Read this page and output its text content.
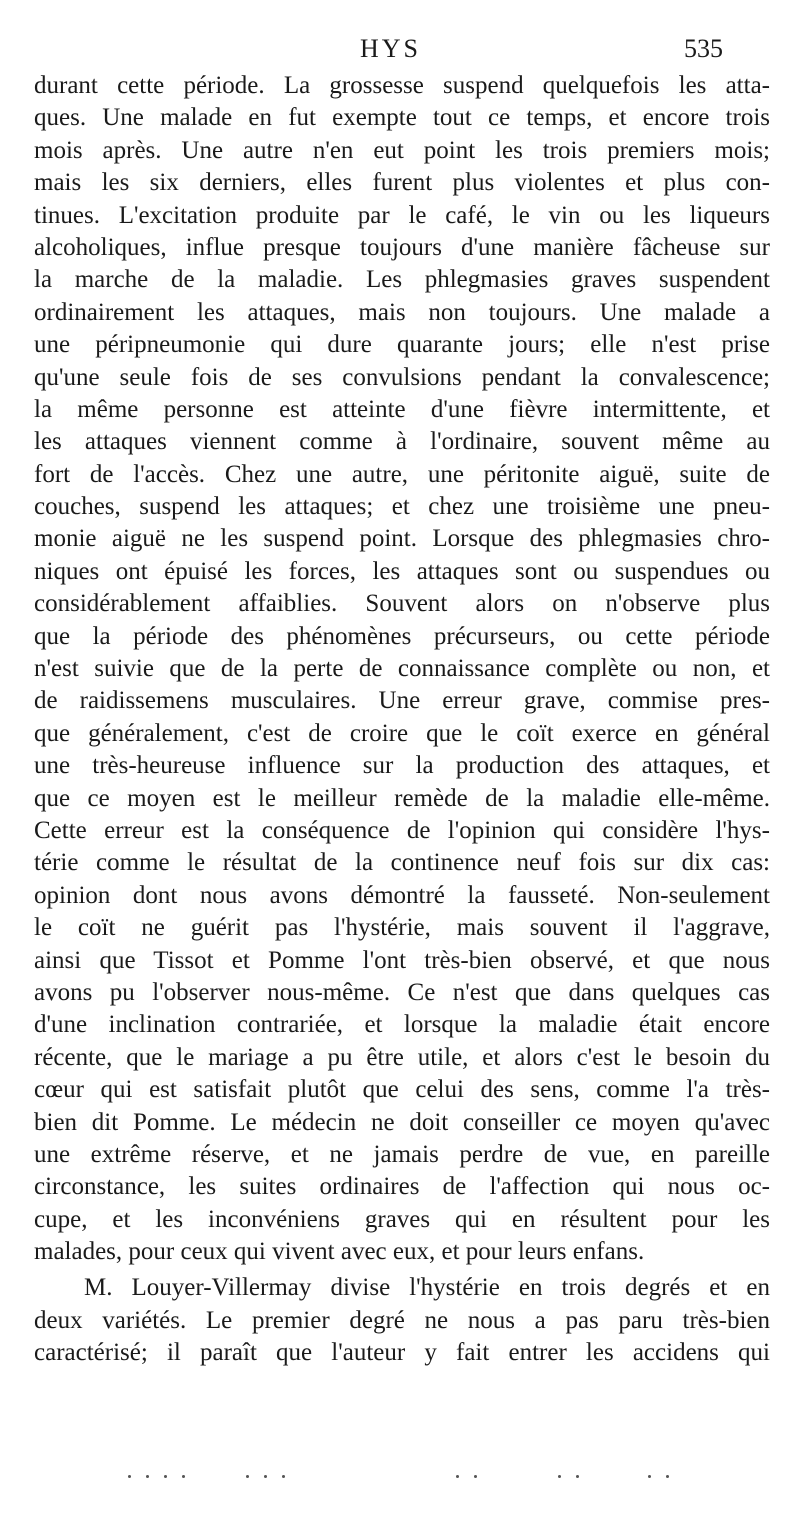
HYS	535
durant cette période. La grossesse suspend quelquefois les atta-
ques. Une malade en fut exempte tout ce temps, et encore trois
mois après. Une autre n'en eut point les trois premiers mois;
mais les six derniers, elles furent plus violentes et plus con-
tinues. L'excitation produite par le café, le vin ou les liqueurs
alcoholiques, influe presque toujours d'une manière fâcheuse sur
la marche de la maladie. Les phlegmasies graves suspendent
ordinairement les attaques, mais non toujours. Une malade a
une péripneumonie qui dure quarante jours; elle n'est prise
qu'une seule fois de ses convulsions pendant la convalescence;
la même personne est atteinte d'une fièvre intermittente, et
les attaques viennent comme à l'ordinaire, souvent même au
fort de l'accès. Chez une autre, une péritonite aiguë, suite de
couches, suspend les attaques; et chez une troisième une pneu-
monie aiguë ne les suspend point. Lorsque des phlegmasies chro-
niques ont épuisé les forces, les attaques sont ou suspendues ou
considérablement affaiblies. Souvent alors on n'observe plus
que la période des phénomènes précurseurs, ou cette période
n'est suivie que de la perte de connaissance complète ou non, et
de raidissemens musculaires. Une erreur grave, commise pres-
que généralement, c'est de croire que le coït exerce en général
une très-heureuse influence sur la production des attaques, et
que ce moyen est le meilleur remède de la maladie elle-même.
Cette erreur est la conséquence de l'opinion qui considère l'hys-
térie comme le résultat de la continence neuf fois sur dix cas:
opinion dont nous avons démontré la fausseté. Non-seulement
le coït ne guérit pas l'hystérie, mais souvent il l'aggrave,
ainsi que Tissot et Pomme l'ont très-bien observé, et que nous
avons pu l'observer nous-même. Ce n'est que dans quelques cas
d'une inclination contrariée, et lorsque la maladie était encore
récente, que le mariage a pu être utile, et alors c'est le besoin du
cœur qui est satisfait plutôt que celui des sens, comme l'a très-
bien dit Pomme. Le médecin ne doit conseiller ce moyen qu'avec
une extrême réserve, et ne jamais perdre de vue, en pareille
circonstance, les suites ordinaires de l'affection qui nous oc-
cupe, et les inconvéniens graves qui en résultent pour les
malades, pour ceux qui vivent avec eux, et pour leurs enfans.
M. Louyer-Villermay divise l'hystérie en trois degrés et en
deux variétés. Le premier degré ne nous a pas paru très-bien
caractérisé; il paraît que l'auteur y fait entrer les accidens qui
